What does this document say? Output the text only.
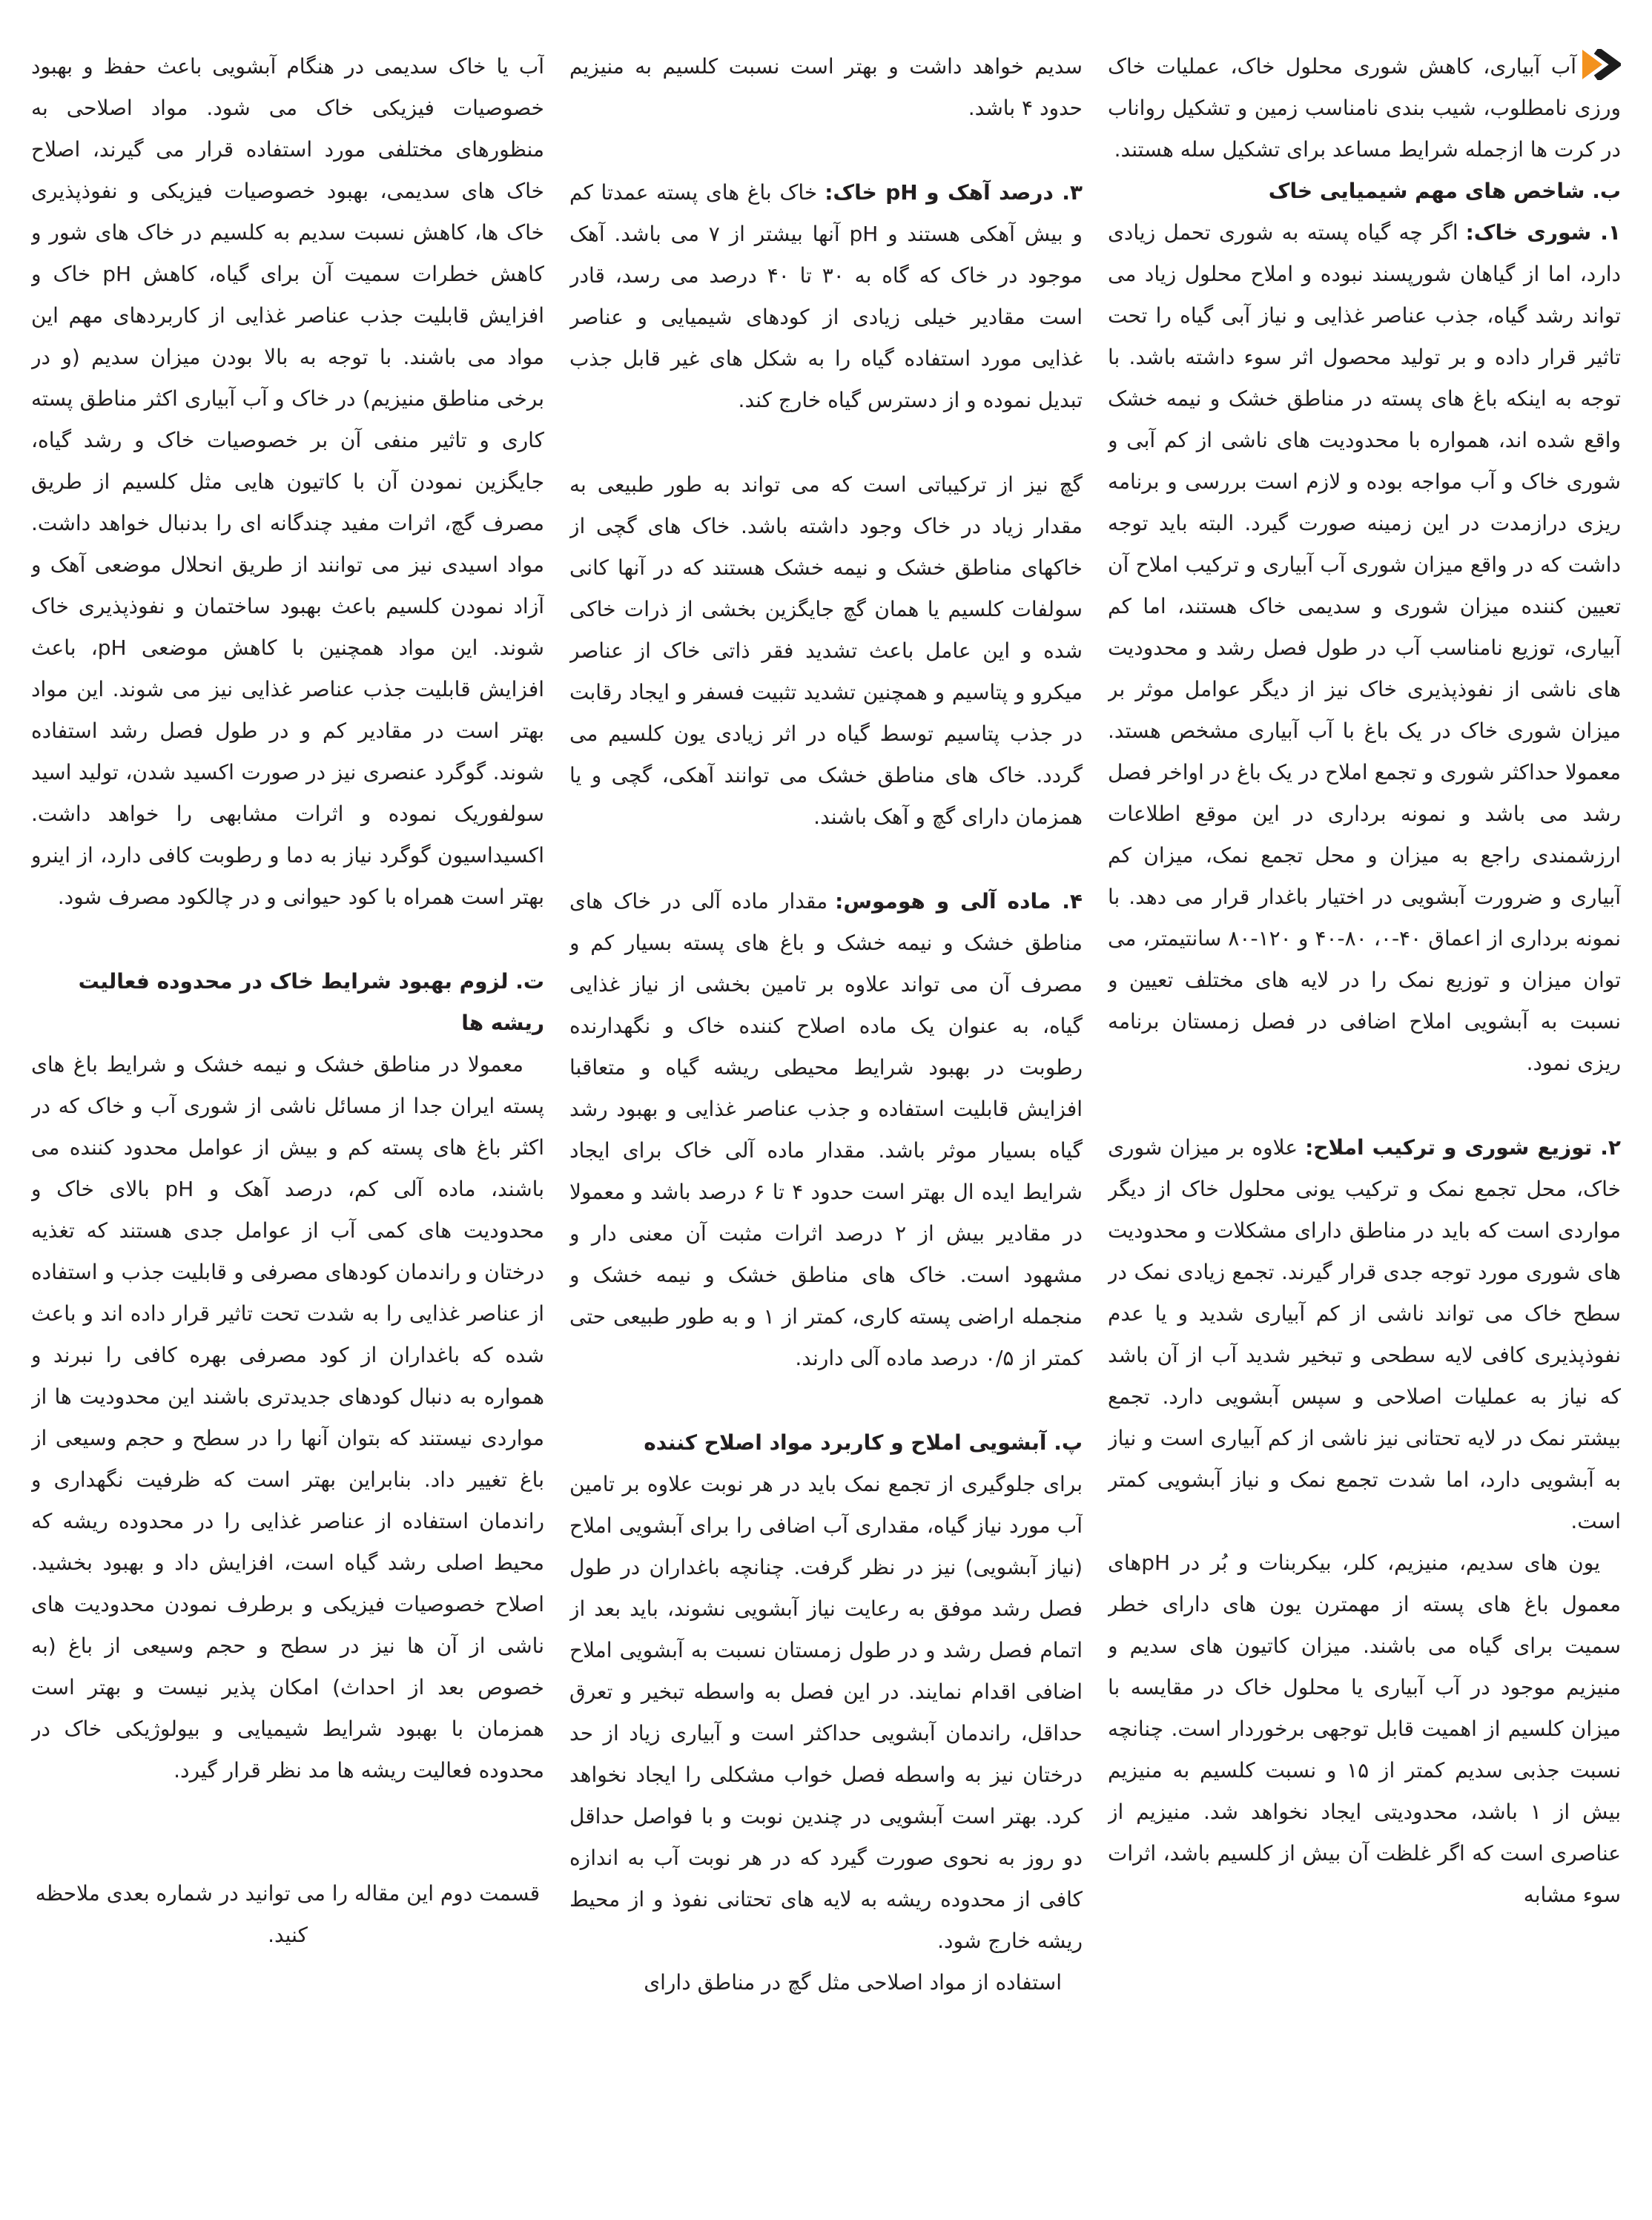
آب آبیاری، کاهش شوری محلول خاک، عملیات خاک ورزی نامطلوب، شیب بندی نامناسب زمین و تشکیل رواناب در کرت ها ازجمله شرایط مساعد برای تشکیل سله هستند.

ب. شاخص های مهم شیمیایی خاک

۱. شوری خاک:اگر چه گیاه پسته به شوری تحمل زیادی دارد، اما از گیاهان شورپسند نبوده و املاح محلول زیاد می تواند رشد گیاه، جذب عناصر غذایی و نیاز آبی گیاه را تحت تاثیر قرار داده و بر تولید محصول اثر سوء داشته باشد. با توجه به اینکه باغ های پسته در مناطق خشک و نیمه خشک واقع شده اند، همواره با محدودیت های ناشی از کم آبی و شوری خاک و آب مواجه بوده و لازم است بررسی و برنامه ریزی درازمدت در این زمینه صورت گیرد. البته باید توجه داشت که در واقع میزان شوری آب آبیاری و ترکیب املاح آن تعیین کننده میزان شوری و سدیمی خاک هستند، اما کم آبیاری، توزیع نامناسب آب در طول فصل رشد و محدودیت های ناشی از نفوذپذیری خاک نیز از دیگر عوامل موثر بر میزان شوری خاک در یک باغ با آب آبیاری مشخص هستد. معمولا حداکثر شوری و تجمع املاح در یک باغ در اواخر فصل رشد می باشد و نمونه برداری در این موقع اطلاعات ارزشمندی راجع به میزان و محل تجمع نمک، میزان کم آبیاری و ضرورت آبشویی در اختیار باغدار قرار می دهد. با نمونه برداری از اعماق ۴۰-۰، ۸۰-۴۰ و ۱۲۰-۸۰ سانتیمتر، می توان میزان و توزیع نمک را در لایه های مختلف تعیین و نسبت به آبشویی املاح اضافی در فصل زمستان برنامه ریزی نمود.

۲. توزیع شوری و ترکیب املاح:علاوه بر میزان شوری خاک، محل تجمع نمک و ترکیب یونی محلول خاک از دیگر مواردی است که باید در مناطق دارای مشکلات و محدودیت های شوری مورد توجه جدی قرار گیرند. تجمع زیادی نمک در سطح خاک می تواند ناشی از کم آبیاری شدید و یا عدم نفوذپذیری کافی لایه سطحی و تبخیر شدید آب از آن باشد که نیاز به عملیات اصلاحی و سپس آبشویی دارد. تجمع بیشتر نمک در لایه تحتانی نیز ناشی از کم آبیاری است و نیاز به آبشویی دارد، اما شدت تجمع نمک و نیاز آبشویی کمتر است.

یون های سدیم، منیزیم، کلر، بیکربنات و بُر در pHهای معمول باغ های پسته از مهمترن یون های دارای خطر سمیت برای گیاه می باشند. میزان کاتیون های سدیم و منیزیم موجود در آب آبیاری یا محلول خاک در مقایسه با میزان کلسیم از اهمیت قابل توجهی برخوردار است. چنانچه نسبت جذبی سدیم کمتر از ۱۵ و نسبت کلسیم به منیزیم بیش از ۱ باشد، محدودیتی ایجاد نخواهد شد. منیزیم از عناصری است که اگر غلظت آن بیش از کلسیم باشد، اثرات سوء مشابه

سدیم خواهد داشت و بهتر است نسبت کلسیم به منیزیم حدود ۴ باشد.

۳. درصد آهک و pH خاک:خاک باغ های پسته عمدتا کم و بیش آهکی هستند و pH آنها بیشتر از ۷ می باشد. آهک موجود در خاک که گاه به ۳۰ تا ۴۰ درصد می رسد، قادر است مقادیر خیلی زیادی از کودهای شیمیایی و عناصر غذایی مورد استفاده گیاه را به شکل های غیر قابل جذب تبدیل نموده و از دسترس گیاه خارج کند.

گچ نیز از ترکیباتی است که می تواند به طور طبیعی به مقدار زیاد در خاک وجود داشته باشد. خاک های گچی از خاکهای مناطق خشک و نیمه خشک هستند که در آنها کانی سولفات کلسیم یا همان گچ جایگزین بخشی از ذرات خاکی شده و این عامل باعث تشدید فقر ذاتی خاک از عناصر میکرو و پتاسیم و همچنین تشدید تثبیت فسفر و ایجاد رقابت در جذب پتاسیم توسط گیاه در اثر زیادی یون کلسیم می گردد. خاک های مناطق خشک می توانند آهکی، گچی و یا همزمان دارای گچ و آهک باشند.

۴. ماده آلی و هوموس:مقدار ماده آلی در خاک های مناطق خشک و نیمه خشک و باغ های پسته بسیار کم و مصرف آن می تواند علاوه بر تامین بخشی از نیاز غذایی گیاه، به عنوان یک ماده اصلاح کننده خاک و نگهدارنده رطوبت در بهبود شرایط محیطی ریشه گیاه و متعاقبا افزایش قابلیت استفاده و جذب عناصر غذایی و بهبود رشد گیاه بسیار موثر باشد. مقدار ماده آلی خاک برای ایجاد شرایط ایده ال بهتر است حدود ۴ تا ۶ درصد باشد و معمولا در مقادیر بیش از ۲ درصد اثرات مثبت آن معنی دار و مشهود است. خاک های مناطق خشک و نیمه خشک و منجمله اراضی پسته کاری، کمتر از ۱ و به طور طبیعی حتی کمتر از ۰/۵ درصد ماده آلی دارند.

پ. آبشویی املاح و کاربرد مواد اصلاح کننده

برای جلوگیری از تجمع نمک باید در هر نوبت علاوه بر تامین آب مورد نیاز گیاه، مقداری آب اضافی را برای آبشویی املاح (نیاز آبشویی) نیز در نظر گرفت. چنانچه باغداران در طول فصل رشد موفق به رعایت نیاز آبشویی نشوند، باید بعد از اتمام فصل رشد و در طول زمستان نسبت به آبشویی املاح اضافی اقدام نمایند. در این فصل به واسطه تبخیر و تعرق حداقل، راندمان آبشویی حداکثر است و آبیاری زیاد از حد درختان نیز به واسطه فصل خواب مشکلی را ایجاد نخواهد کرد. بهتر است آبشویی در چندین نوبت و با فواصل حداقل دو روز به نحوی صورت گیرد که در هر نوبت آب به اندازه کافی از محدوده ریشه به لایه های تحتانی نفوذ و از محیط ریشه خارج شود.

استفاده از مواد اصلاحی مثل گچ در مناطق دارای

آب یا خاک سدیمی در هنگام آبشویی باعث حفظ و بهبود خصوصیات فیزیکی خاک می شود. مواد اصلاحی به منظورهای مختلفی مورد استفاده قرار می گیرند، اصلاح خاک های سدیمی، بهبود خصوصیات فیزیکی و نفوذپذیری خاک ها، کاهش نسبت سدیم به کلسیم در خاک های شور و کاهش خطرات سمیت آن برای گیاه، کاهش pH خاک و افزایش قابلیت جذب عناصر غذایی از کاربردهای مهم این مواد می باشند. با توجه به بالا بودن میزان سدیم (و در برخی مناطق منیزیم) در خاک و آب آبیاری اکثر مناطق پسته کاری و تاثیر منفی آن بر خصوصیات خاک و رشد گیاه، جایگزین نمودن آن با کاتیون هایی مثل کلسیم از طریق مصرف گچ، اثرات مفید چندگانه ای را بدنبال خواهد داشت. مواد اسیدی نیز می توانند از طریق انحلال موضعی آهک و آزاد نمودن کلسیم باعث بهبود ساختمان و نفوذپذیری خاک شوند. این مواد همچنین با کاهش موضعی pH، باعث افزایش قابلیت جذب عناصر غذایی نیز می شوند. این مواد بهتر است در مقادیر کم و در طول فصل رشد استفاده شوند. گوگرد عنصری نیز در صورت اکسید شدن، تولید اسید سولفوریک نموده و اثرات مشابهی را خواهد داشت. اکسیداسیون گوگرد نیاز به دما و رطوبت کافی دارد، از اینرو بهتر است همراه با کود حیوانی و در چالکود مصرف شود.

ت. لزوم بهبود شرایط خاک در محدوده فعالیت ریشه ها

معمولا در مناطق خشک و نیمه خشک و شرایط باغ های پسته ایران جدا از مسائل ناشی از شوری آب و خاک که در اکثر باغ های پسته کم و بیش از عوامل محدود کننده می باشند، ماده آلی کم، درصد آهک و pH بالای خاک و محدودیت های کمی آب از عوامل جدی هستند که تغذیه درختان و راندمان کودهای مصرفی و قابلیت جذب و استفاده از عناصر غذایی را به شدت تحت تاثیر قرار داده اند و باعث شده که باغداران از کود مصرفی بهره کافی را نبرند و همواره به دنبال کودهای جدیدتری باشند این محدودیت ها از مواردی نیستند که بتوان آنها را در سطح و حجم وسیعی از باغ تغییر داد. بنابراین بهتر است که ظرفیت نگهداری و راندمان استفاده از عناصر غذایی را در محدوده ریشه که محیط اصلی رشد گیاه است، افزایش داد و بهبود بخشید. اصلاح خصوصیات فیزیکی و برطرف نمودن محدودیت های ناشی از آن ها نیز در سطح و حجم وسیعی از باغ (به خصوص بعد از احداث) امکان پذیر نیست و بهتر است همزمان با بهبود شرایط شیمیایی و بیولوژیکی خاک در محدوده فعالیت ریشه ها مد نظر قرار گیرد.

قسمت دوم این مقاله را می توانید در شماره بعدی ملاحظه کنید.
